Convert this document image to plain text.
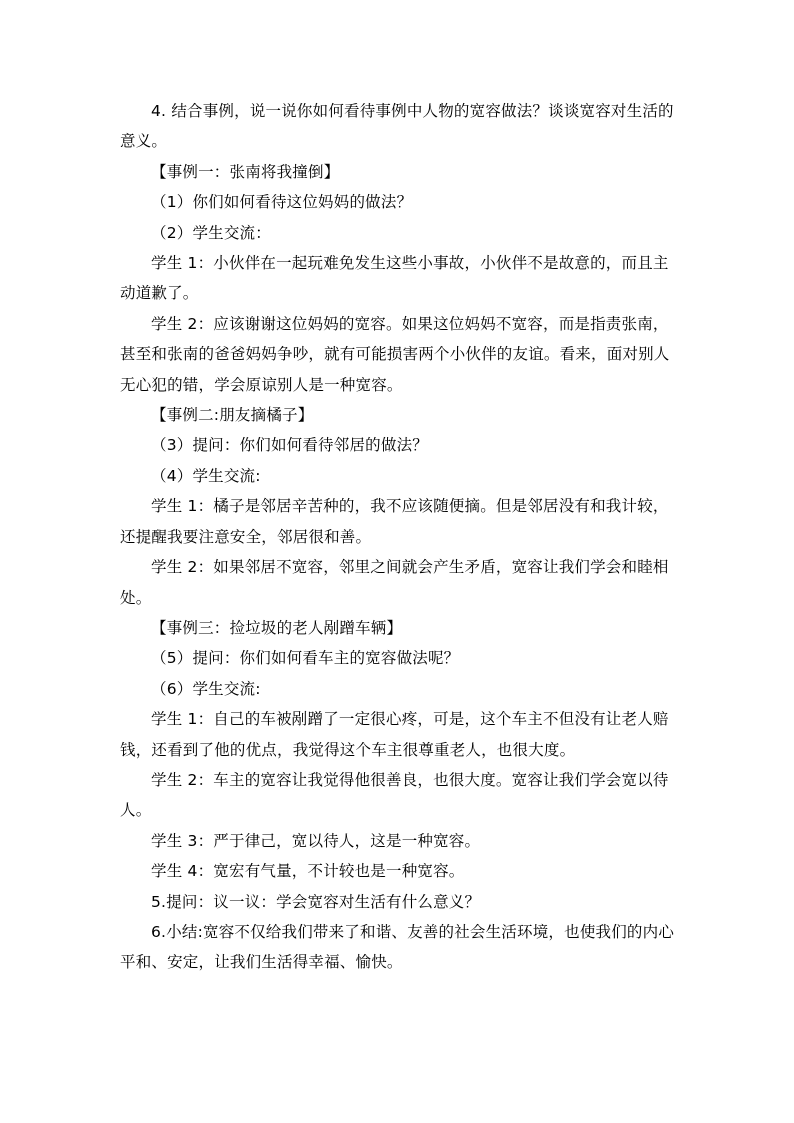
4. 结合事例，说一说你如何看待事例中人物的宽容做法？谈谈宽容对生活的意义。

【事例一：张南将我撞倒】

（1）你们如何看待这位妈妈的做法？

（2）学生交流：

学生 1：小伙伴在一起玩难免发生这些小事故，小伙伴不是故意的，而且主动道歉了。

学生 2：应该谢谢这位妈妈的宽容。如果这位妈妈不宽容，而是指责张南，甚至和张南的爸爸妈妈争吵，就有可能损害两个小伙伴的友谊。看来，面对别人无心犯的错，学会原谅别人是一种宽容。

【事例二:朋友摘橘子】

（3）提问：你们如何看待邻居的做法？

（4）学生交流:

学生 1：橘子是邻居辛苦种的，我不应该随便摘。但是邻居没有和我计较，还提醒我要注意安全，邻居很和善。

学生 2：如果邻居不宽容，邻里之间就会产生矛盾，宽容让我们学会和睦相处。

【事例三：捡垃圾的老人剐蹭车辆】

（5）提问：你们如何看车主的宽容做法呢？

（6）学生交流:

学生 1：自己的车被剐蹭了一定很心疼，可是，这个车主不但没有让老人赔钱，还看到了他的优点，我觉得这个车主很尊重老人，也很大度。

学生 2：车主的宽容让我觉得他很善良，也很大度。宽容让我们学会宽以待人。

学生 3：严于律己，宽以待人，这是一种宽容。

学生 4：宽宏有气量，不计较也是一种宽容。

5.提问：议一议：学会宽容对生活有什么意义？

6.小结:宽容不仅给我们带来了和谐、友善的社会生活环境，也使我们的内心平和、安定，让我们生活得幸福、愉快。
